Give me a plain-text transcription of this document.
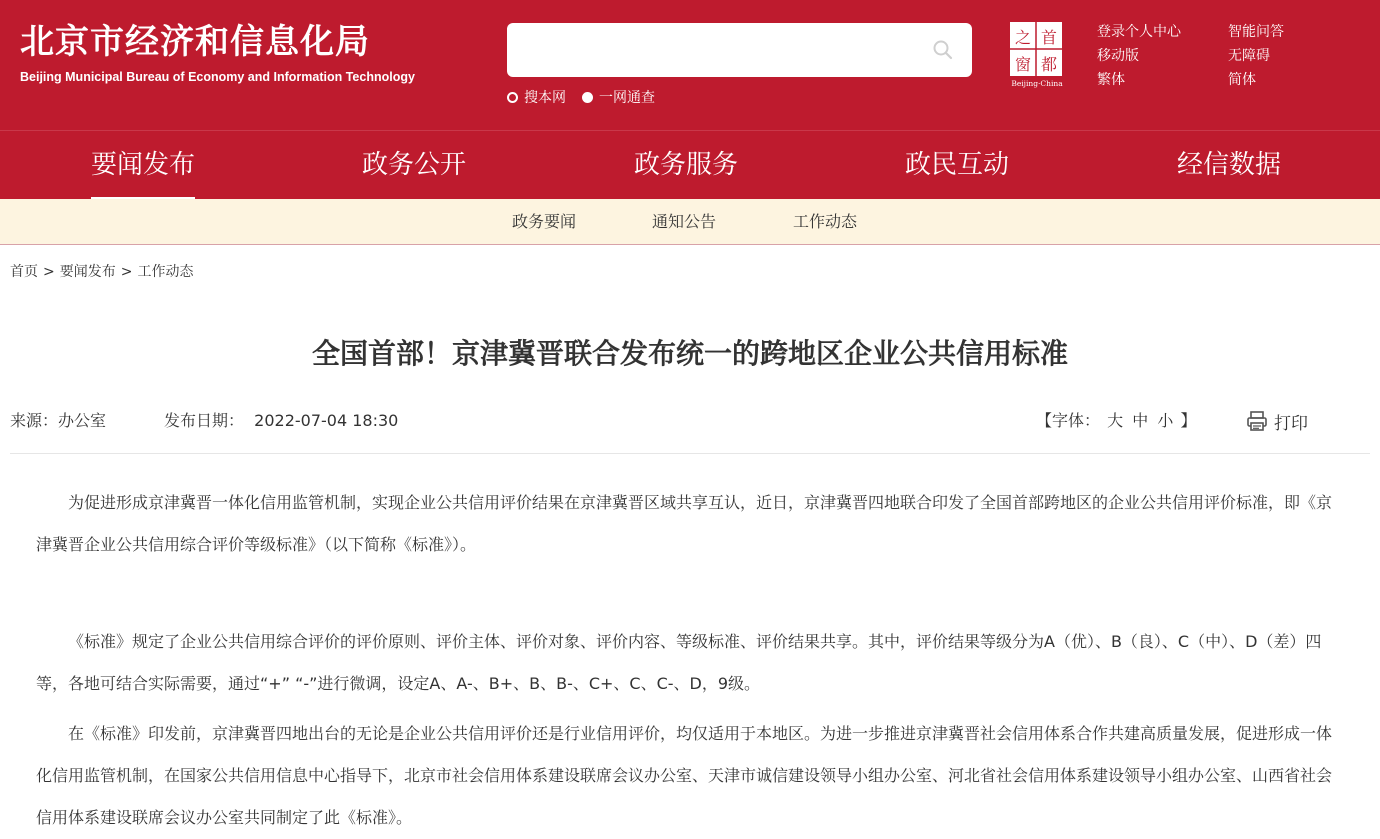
北京市经济和信息化局
Beijing Municipal Bureau of Economy and Information Technology
搜本网 一网通查
首
都
之
窗
Beijing·China
登录个人中心
移动版
繁体
智能问答
无障碍
简体
要闻发布	政务公开	政务服务	政民互动	经信数据
政务要闻	通知公告	工作动态
首页 > 要闻发布 > 工作动态
全国首部！京津冀晋联合发布统一的跨地区企业公共信用标准
来源：办公室	发布日期：  2022-07-04 18:30	【字体： 大 中 小 】	打印

为促进形成京津冀晋一体化信用监管机制，实现企业公共信用评价结果在京津冀晋区域共享互认，近日，京津冀晋四地联合印发了全国首部跨地区的企业公共信用评价标准，即《京津冀晋企业公共信用综合评价等级标准》（以下简称《标准》）。

《标准》规定了企业公共信用综合评价的评价原则、评价主体、评价对象、评价内容、等级标准、评价结果共享。其中，评价结果等级分为A（优）、B（良）、C（中）、D（差）四等，各地可结合实际需要，通过“+” “-”进行微调，设定A、A-、B+、B、B-、C+、C、C-、D，9级。

在《标准》印发前，京津冀晋四地出台的无论是企业公共信用评价还是行业信用评价，均仅适用于本地区。为进一步推进京津冀晋社会信用体系合作共建高质量发展，促进形成一体化信用监管机制，在国家公共信用信息中心指导下，北京市社会信用体系建设联席会议办公室、天津市诚信建设领导小组办公室、河北省社会信用体系建设领导小组办公室、山西省社会信用体系建设联席会议办公室共同制定了此《标准》。
